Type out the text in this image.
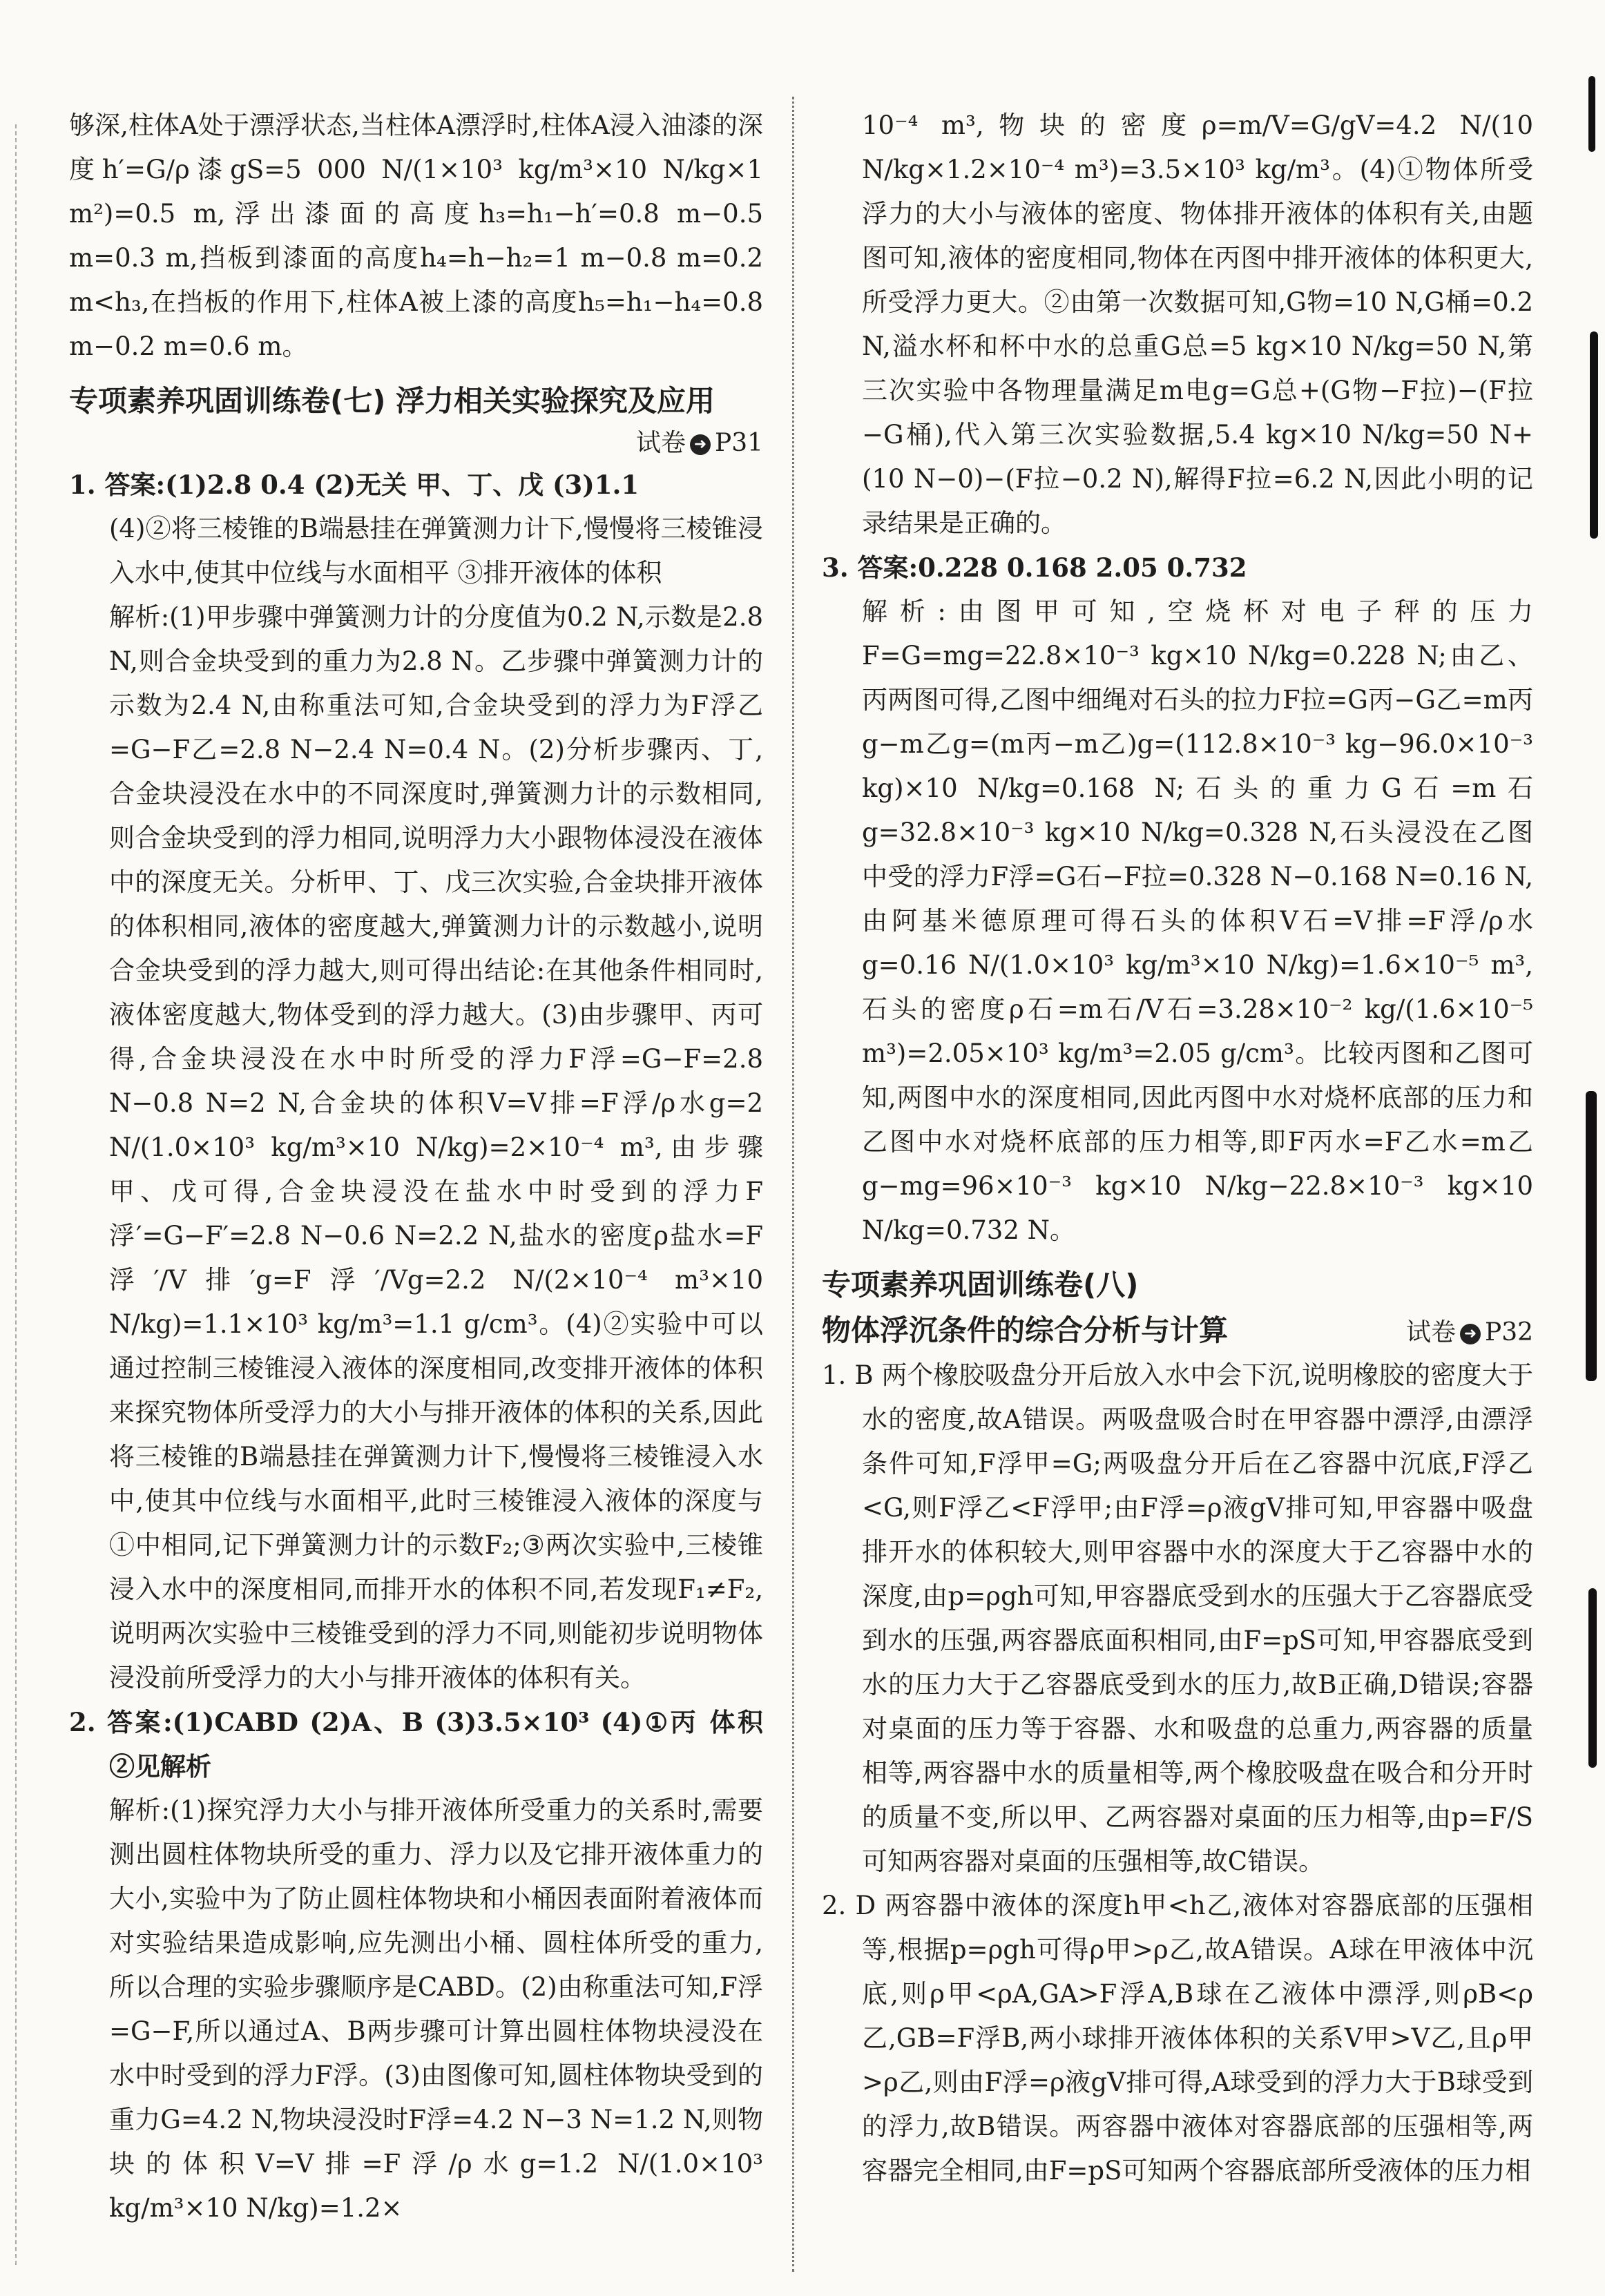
够深,柱体A处于漂浮状态,当柱体A漂浮时,柱体A浸入油漆的深度h′=G/ρ漆gS=5 000 N/(1×10³ kg/m³×10 N/kg×1 m²)=0.5 m,浮出漆面的高度h₃=h₁−h′=0.8 m−0.5 m=0.3 m,挡板到漆面的高度h₄=h−h₂=1 m−0.8 m=0.2 m<h₃,在挡板的作用下,柱体A被上漆的高度h₅=h₁−h₄=0.8 m−0.2 m=0.6 m。

专项素养巩固训练卷(七) 浮力相关实验探究及应用
试卷 ➜ P31

1. 答案:(1)2.8 0.4 (2)无关 甲、丁、戊 (3)1.1

(4)②将三棱锥的B端悬挂在弹簧测力计下,慢慢将三棱锥浸入水中,使其中位线与水面相平 ③排开液体的体积

解析:(1)甲步骤中弹簧测力计的分度值为0.2 N,示数是2.8 N,则合金块受到的重力为2.8 N。乙步骤中弹簧测力计的示数为2.4 N,由称重法可知,合金块受到的浮力为F浮乙=G−F乙=2.8 N−2.4 N=0.4 N。(2)分析步骤丙、丁,合金块浸没在水中的不同深度时,弹簧测力计的示数相同,则合金块受到的浮力相同,说明浮力大小跟物体浸没在液体中的深度无关。分析甲、丁、戊三次实验,合金块排开液体的体积相同,液体的密度越大,弹簧测力计的示数越小,说明合金块受到的浮力越大,则可得出结论:在其他条件相同时,液体密度越大,物体受到的浮力越大。(3)由步骤甲、丙可得,合金块浸没在水中时所受的浮力F浮=G−F=2.8 N−0.8 N=2 N,合金块的体积V=V排=F浮/ρ水g=2 N/(1.0×10³ kg/m³×10 N/kg)=2×10⁻⁴ m³,由步骤甲、戊可得,合金块浸没在盐水中时受到的浮力F浮′=G−F′=2.8 N−0.6 N=2.2 N,盐水的密度ρ盐水=F浮′/V排′g=F浮′/Vg=2.2 N/(2×10⁻⁴ m³×10 N/kg)=1.1×10³ kg/m³=1.1 g/cm³。(4)②实验中可以通过控制三棱锥浸入液体的深度相同,改变排开液体的体积来探究物体所受浮力的大小与排开液体的体积的关系,因此将三棱锥的B端悬挂在弹簧测力计下,慢慢将三棱锥浸入水中,使其中位线与水面相平,此时三棱锥浸入液体的深度与①中相同,记下弹簧测力计的示数F₂;③两次实验中,三棱锥浸入水中的深度相同,而排开水的体积不同,若发现F₁≠F₂,说明两次实验中三棱锥受到的浮力不同,则能初步说明物体浸没前所受浮力的大小与排开液体的体积有关。

2. 答案:(1)CABD (2)A、B (3)3.5×10³ (4)①丙 体积 ②见解析

解析:(1)探究浮力大小与排开液体所受重力的关系时,需要测出圆柱体物块所受的重力、浮力以及它排开液体重力的大小,实验中为了防止圆柱体物块和小桶因表面附着液体而对实验结果造成影响,应先测出小桶、圆柱体所受的重力,所以合理的实验步骤顺序是CABD。(2)由称重法可知,F浮=G−F,所以通过A、B两步骤可计算出圆柱体物块浸没在水中时受到的浮力F浮。(3)由图像可知,圆柱体物块受到的重力G=4.2 N,物块浸没时F浮=4.2 N−3 N=1.2 N,则物块的体积V=V排=F浮/ρ水g=1.2 N/(1.0×10³ kg/m³×10 N/kg)=1.2×

10⁻⁴ m³,物块的密度ρ=m/V=G/gV=4.2 N/(10 N/kg×1.2×10⁻⁴ m³)=3.5×10³ kg/m³。(4)①物体所受浮力的大小与液体的密度、物体排开液体的体积有关,由题图可知,液体的密度相同,物体在丙图中排开液体的体积更大,所受浮力更大。②由第一次数据可知,G物=10 N,G桶=0.2 N,溢水杯和杯中水的总重G总=5 kg×10 N/kg=50 N,第三次实验中各物理量满足m电g=G总+(G物−F拉)−(F拉−G桶),代入第三次实验数据,5.4 kg×10 N/kg=50 N+(10 N−0)−(F拉−0.2 N),解得F拉=6.2 N,因此小明的记录结果是正确的。

3. 答案:0.228 0.168 2.05 0.732

解析:由图甲可知,空烧杯对电子秤的压力F=G=mg=22.8×10⁻³ kg×10 N/kg=0.228 N;由乙、丙两图可得,乙图中细绳对石头的拉力F拉=G丙−G乙=m丙g−m乙g=(m丙−m乙)g=(112.8×10⁻³ kg−96.0×10⁻³ kg)×10 N/kg=0.168 N;石头的重力G石=m石g=32.8×10⁻³ kg×10 N/kg=0.328 N,石头浸没在乙图中受的浮力F浮=G石−F拉=0.328 N−0.168 N=0.16 N,由阿基米德原理可得石头的体积V石=V排=F浮/ρ水g=0.16 N/(1.0×10³ kg/m³×10 N/kg)=1.6×10⁻⁵ m³,石头的密度ρ石=m石/V石=3.28×10⁻² kg/(1.6×10⁻⁵ m³)=2.05×10³ kg/m³=2.05 g/cm³。比较丙图和乙图可知,两图中水的深度相同,因此丙图中水对烧杯底部的压力和乙图中水对烧杯底部的压力相等,即F丙水=F乙水=m乙g−mg=96×10⁻³ kg×10 N/kg−22.8×10⁻³ kg×10 N/kg=0.732 N。

专项素养巩固训练卷(八)
物体浮沉条件的综合分析与计算	试卷 ➜ P32

1. B 两个橡胶吸盘分开后放入水中会下沉,说明橡胶的密度大于水的密度,故A错误。两吸盘吸合时在甲容器中漂浮,由漂浮条件可知,F浮甲=G;两吸盘分开后在乙容器中沉底,F浮乙<G,则F浮乙<F浮甲;由F浮=ρ液gV排可知,甲容器中吸盘排开水的体积较大,则甲容器中水的深度大于乙容器中水的深度,由p=ρgh可知,甲容器底受到水的压强大于乙容器底受到水的压强,两容器底面积相同,由F=pS可知,甲容器底受到水的压力大于乙容器底受到水的压力,故B正确,D错误;容器对桌面的压力等于容器、水和吸盘的总重力,两容器的质量相等,两容器中水的质量相等,两个橡胶吸盘在吸合和分开时的质量不变,所以甲、乙两容器对桌面的压力相等,由p=F/S可知两容器对桌面的压强相等,故C错误。

2. D 两容器中液体的深度h甲<h乙,液体对容器底部的压强相等,根据p=ρgh可得ρ甲>ρ乙,故A错误。A球在甲液体中沉底,则ρ甲<ρA,GA>F浮A,B球在乙液体中漂浮,则ρB<ρ乙,GB=F浮B,两小球排开液体体积的关系V甲>V乙,且ρ甲>ρ乙,则由F浮=ρ液gV排可得,A球受到的浮力大于B球受到的浮力,故B错误。两容器中液体对容器底部的压强相等,两容器完全相同,由F=pS可知两个容器底部所受液体的压力相
